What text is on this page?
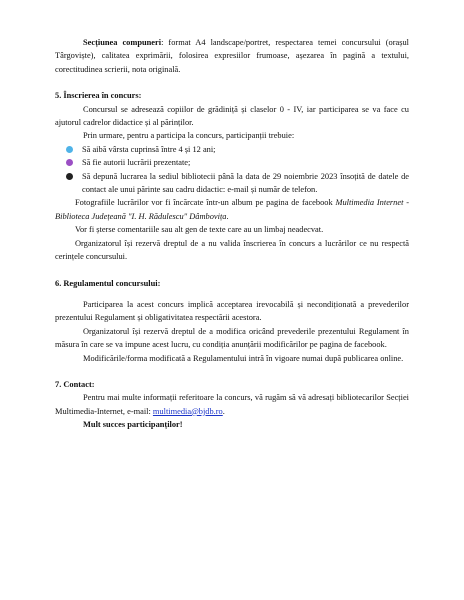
Secțiunea compuneri: format A4 landscape/portret, respectarea temei concursului (orașul Târgoviște), calitatea exprimării, folosirea expresiilor frumoase, așezarea în pagină a textului, corectitudinea scrierii, nota originală.

5. Înscrierea în concurs:

Concursul se adresează copiilor de grădiniță și claselor 0 - IV, iar participarea se va face cu ajutorul cadrelor didactice și al părinților.

Prin urmare, pentru a participa la concurs, participanții trebuie:

Să aibă vârsta cuprinsă între 4 și 12 ani;
Să fie autorii lucrării prezentate;
Să depună lucrarea la sediul bibliotecii până la data de 29 noiembrie 2023 însoțită de datele de contact ale unui părinte sau cadru didactic: e-mail și număr de telefon.

Fotografiile lucrărilor vor fi încărcate într-un album pe pagina de facebook Multimedia Internet - Biblioteca Județeană "I. H. Rădulescu" Dâmbovița.

Vor fi șterse comentariile sau alt gen de texte care au un limbaj neadecvat.

Organizatorul își rezervă dreptul de a nu valida înscrierea în concurs a lucrărilor ce nu respectă cerințele concursului.

6. Regulamentul concursului:

Participarea la acest concurs implică acceptarea irevocabilă și necondiționată a prevederilor prezentului Regulament și obligativitatea respectării acestora.

Organizatorul își rezervă dreptul de a modifica oricând prevederile prezentului Regulament în măsura în care se va impune acest lucru, cu condiția anunțării modificărilor pe pagina de facebook.

Modificările/forma modificată a Regulamentului intră în vigoare numai după publicarea online.

7. Contact:

Pentru mai multe informații referitoare la concurs, vă rugăm să vă adresați bibliotecarilor Secției Multimedia-Internet, e-mail: multimedia@bjdb.ro.

Mult succes participanților!
